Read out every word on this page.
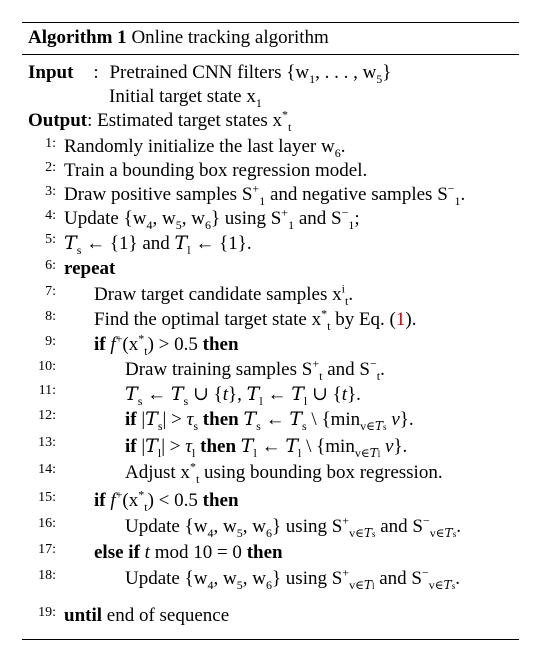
Algorithm 1 Online tracking algorithm
Input : Pretrained CNN filters {$w_1$, . . . , $w_5$}
Initial target state $x_1$
Output: Estimated target states $x^*_t$
1: Randomly initialize the last layer $w_6$.
2: Train a bounding box regression model.
3: Draw positive samples $S^+_1$ and negative samples $S^-_1$.
4: Update {$w_4$, $w_5$, $w_6$} using $S^+_1$ and $S^-_1$;
5: $T_s$ ← {1} and $T_l$ ← {1}.
6: repeat
7: Draw target candidate samples $x^i_t$.
8: Find the optimal target state $x^*_t$ by Eq. (1).
9: if $f^+(x^*_t) > 0.5$ then
10:	Draw training samples $S^+_t$ and $S^-_t$.
11:	$T_s$ ← $T_s$ ∪ {t}, $T_l$ ← $T_l$ ∪ {t}.
12:	if $|T_s| > \tau_s$ then $T_s$ ← $T_s$ \ {$\min_{v\in Ts}$ v}.
13:	if $|T_l| > \tau_l$ then $T_l$ ← $T_l$ \ {$\min_{v\in Tl}$ v}.
14:	Adjust $x^*_t$ using bounding box regression.
15: if $f^+(x^*_t) < 0.5$ then
16:	Update {$w_4$, $w_5$, $w_6$} using $S^+_{v\in Ts}$ and $S^-_{v\in Ts}$.
17: else if t mod 10 = 0 then
18:	Update {$w_4$, $w_5$, $w_6$} using $S^+_{v\in Tl}$ and $S^-_{v\in Ts}$.
19: until end of sequence
